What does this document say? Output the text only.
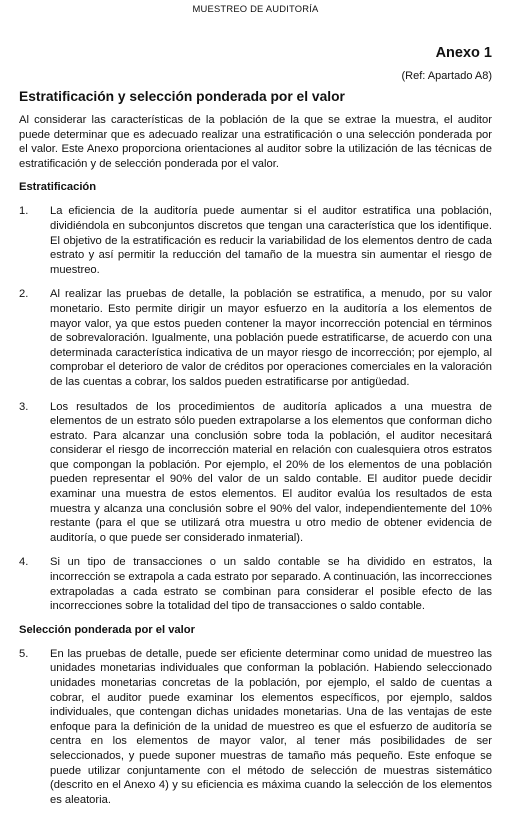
MUESTREO DE AUDITORÍA
Anexo 1
(Ref: Apartado A8)
Estratificación y selección ponderada por el valor
Al considerar las características de la población de la que se extrae la muestra, el auditor puede determinar que es adecuado realizar una estratificación o una selección ponderada por el valor. Este Anexo proporciona orientaciones al auditor sobre la utilización de las técnicas de estratificación y de selección ponderada por el valor.
Estratificación
1.	La eficiencia de la auditoría puede aumentar si el auditor estratifica una población, dividiéndola en subconjuntos discretos que tengan una característica que los identifique. El objetivo de la estratificación es reducir la variabilidad de los elementos dentro de cada estrato y así permitir la reducción del tamaño de la muestra sin aumentar el riesgo de muestreo.
2.	Al realizar las pruebas de detalle, la población se estratifica, a menudo, por su valor monetario. Esto permite dirigir un mayor esfuerzo en la auditoría a los elementos de mayor valor, ya que estos pueden contener la mayor incorrección potencial en términos de sobrevaloración. Igualmente, una población puede estratificarse, de acuerdo con una determinada característica indicativa de un mayor riesgo de incorrección; por ejemplo, al comprobar el deterioro de valor de créditos por operaciones comerciales en la valoración de las cuentas a cobrar, los saldos pueden estratificarse por antigüedad.
3.	Los resultados de los procedimientos de auditoría aplicados a una muestra de elementos de un estrato sólo pueden extrapolarse a los elementos que conforman dicho estrato. Para alcanzar una conclusión sobre toda la población, el auditor necesitará considerar el riesgo de incorrección material en relación con cualesquiera otros estratos que compongan la población. Por ejemplo, el 20% de los elementos de una población pueden representar el 90% del valor de un saldo contable. El auditor puede decidir examinar una muestra de estos elementos. El auditor evalúa los resultados de esta muestra y alcanza una conclusión sobre el 90% del valor, independientemente del 10% restante (para el que se utilizará otra muestra u otro medio de obtener evidencia de auditoría, o que puede ser considerado inmaterial).
4.	Si un tipo de transacciones o un saldo contable se ha dividido en estratos, la incorrección se extrapola a cada estrato por separado. A continuación, las incorrecciones extrapoladas a cada estrato se combinan para considerar el posible efecto de las incorrecciones sobre la totalidad del tipo de transacciones o saldo contable.
Selección ponderada por el valor
5.	En las pruebas de detalle, puede ser eficiente determinar como unidad de muestreo las unidades monetarias individuales que conforman la población. Habiendo seleccionado unidades monetarias concretas de la población, por ejemplo, el saldo de cuentas a cobrar, el auditor puede examinar los elementos específicos, por ejemplo, saldos individuales, que contengan dichas unidades monetarias. Una de las ventajas de este enfoque para la definición de la unidad de muestreo es que el esfuerzo de auditoría se centra en los elementos de mayor valor, al tener más posibilidades de ser seleccionados, y puede suponer muestras de tamaño más pequeño. Este enfoque se puede utilizar conjuntamente con el método de selección de muestras sistemático (descrito en el Anexo 4) y su eficiencia es máxima cuando la selección de los elementos es aleatoria.
